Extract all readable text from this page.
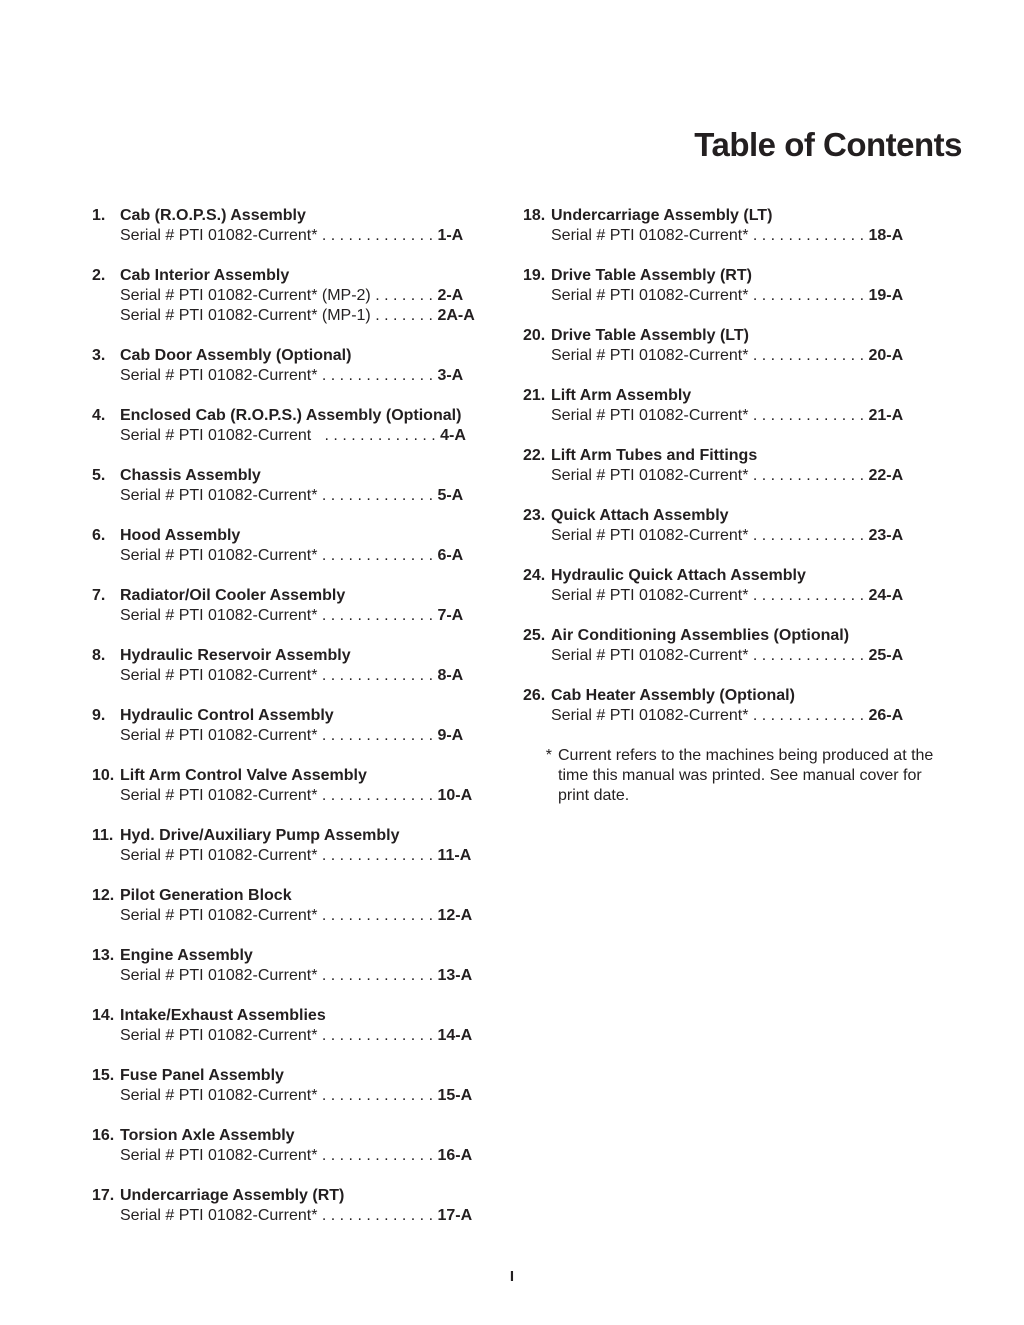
Table of Contents
1. Cab (R.O.P.S.) Assembly
Serial # PTI 01082-Current* . . . . . . . . . . . . . 1-A
2. Cab Interior Assembly
Serial # PTI 01082-Current* (MP-2) . . . . . . . 2-A
Serial # PTI 01082-Current* (MP-1) . . . . . . . 2A-A
3. Cab Door Assembly (Optional)
Serial # PTI 01082-Current* . . . . . . . . . . . . . 3-A
4. Enclosed Cab (R.O.P.S.) Assembly (Optional)
Serial # PTI 01082-Current   . . . . . . . . . . . . . 4-A
5. Chassis Assembly
Serial # PTI 01082-Current* . . . . . . . . . . . . . 5-A
6. Hood Assembly
Serial # PTI 01082-Current* . . . . . . . . . . . . . 6-A
7. Radiator/Oil Cooler Assembly
Serial # PTI 01082-Current* . . . . . . . . . . . . . 7-A
8. Hydraulic Reservoir Assembly
Serial # PTI 01082-Current* . . . . . . . . . . . . . 8-A
9. Hydraulic Control Assembly
Serial # PTI 01082-Current* . . . . . . . . . . . . . 9-A
10. Lift Arm Control Valve Assembly
Serial # PTI 01082-Current* . . . . . . . . . . . . . 10-A
11. Hyd. Drive/Auxiliary Pump Assembly
Serial # PTI 01082-Current* . . . . . . . . . . . . . 11-A
12. Pilot Generation Block
Serial # PTI 01082-Current* . . . . . . . . . . . . . 12-A
13. Engine Assembly
Serial # PTI 01082-Current* . . . . . . . . . . . . . 13-A
14. Intake/Exhaust Assemblies
Serial # PTI 01082-Current* . . . . . . . . . . . . . 14-A
15. Fuse Panel Assembly
Serial # PTI 01082-Current* . . . . . . . . . . . . . 15-A
16. Torsion Axle Assembly
Serial # PTI 01082-Current* . . . . . . . . . . . . . 16-A
17. Undercarriage Assembly (RT)
Serial # PTI 01082-Current* . . . . . . . . . . . . . 17-A
18. Undercarriage Assembly (LT)
Serial # PTI 01082-Current* . . . . . . . . . . . . . 18-A
19. Drive Table Assembly (RT)
Serial # PTI 01082-Current* . . . . . . . . . . . . . 19-A
20. Drive Table Assembly (LT)
Serial # PTI 01082-Current* . . . . . . . . . . . . . 20-A
21. Lift Arm Assembly
Serial # PTI 01082-Current* . . . . . . . . . . . . . 21-A
22. Lift Arm Tubes and Fittings
Serial # PTI 01082-Current* . . . . . . . . . . . . . 22-A
23. Quick Attach Assembly
Serial # PTI 01082-Current* . . . . . . . . . . . . . 23-A
24. Hydraulic Quick Attach Assembly
Serial # PTI 01082-Current* . . . . . . . . . . . . . 24-A
25. Air Conditioning Assemblies (Optional)
Serial # PTI 01082-Current* . . . . . . . . . . . . . 25-A
26. Cab Heater Assembly (Optional)
Serial # PTI 01082-Current* . . . . . . . . . . . . . 26-A
* Current refers to the machines being produced at the time this manual was printed. See manual cover for print date.
I
